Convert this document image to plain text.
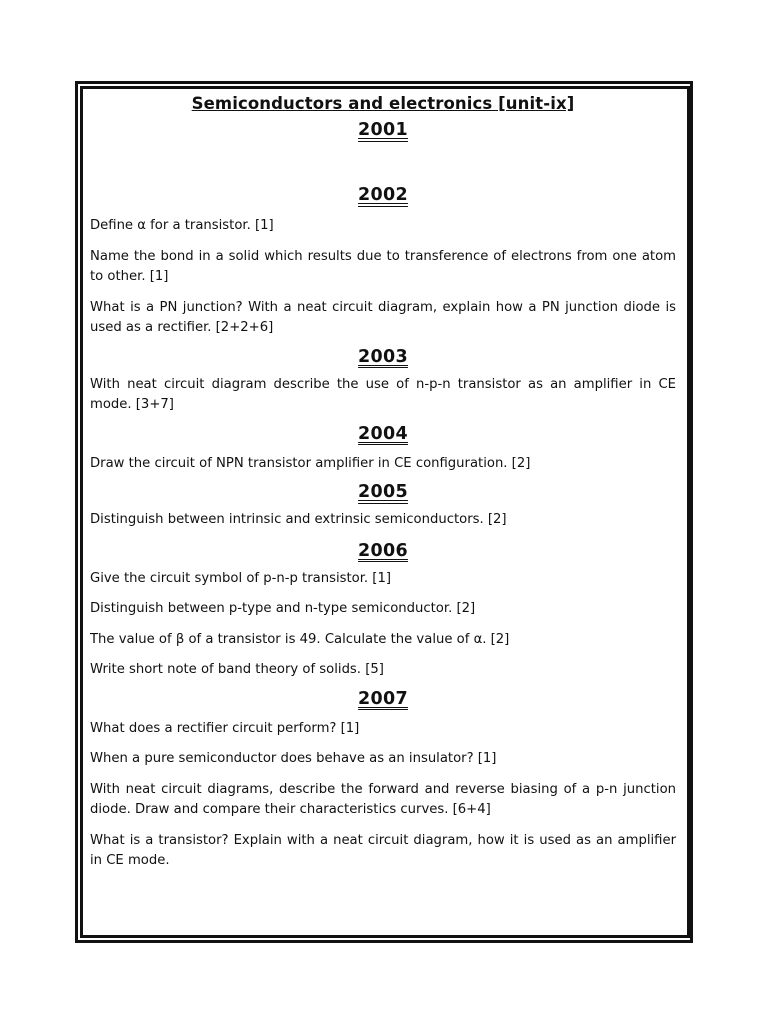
Semiconductors and electronics [unit-ix]
2001
2002

Define α for a transistor. [1]

Name the bond in a solid which results due to transference of electrons from one atom to other. [1]

What is a PN junction? With a neat circuit diagram, explain how a PN junction diode is used as a rectifier. [2+2+6]

2003

With neat circuit diagram describe the use of n-p-n transistor as an amplifier in CE mode. [3+7]

2004

Draw the circuit of NPN transistor amplifier in CE configuration. [2]

2005

Distinguish between intrinsic and extrinsic semiconductors. [2]

2006

Give the circuit symbol of p-n-p transistor. [1]

Distinguish between p-type and n-type semiconductor. [2]

The value of β of a transistor is 49. Calculate the value of α. [2]

Write short note of band theory of solids. [5]

2007

What does a rectifier circuit perform? [1]

When a pure semiconductor does behave as an insulator? [1]

With neat circuit diagrams, describe the forward and reverse biasing of a p-n junction diode. Draw and compare their characteristics curves. [6+4]

What is a transistor? Explain with a neat circuit diagram, how it is used as an amplifier in CE mode.
